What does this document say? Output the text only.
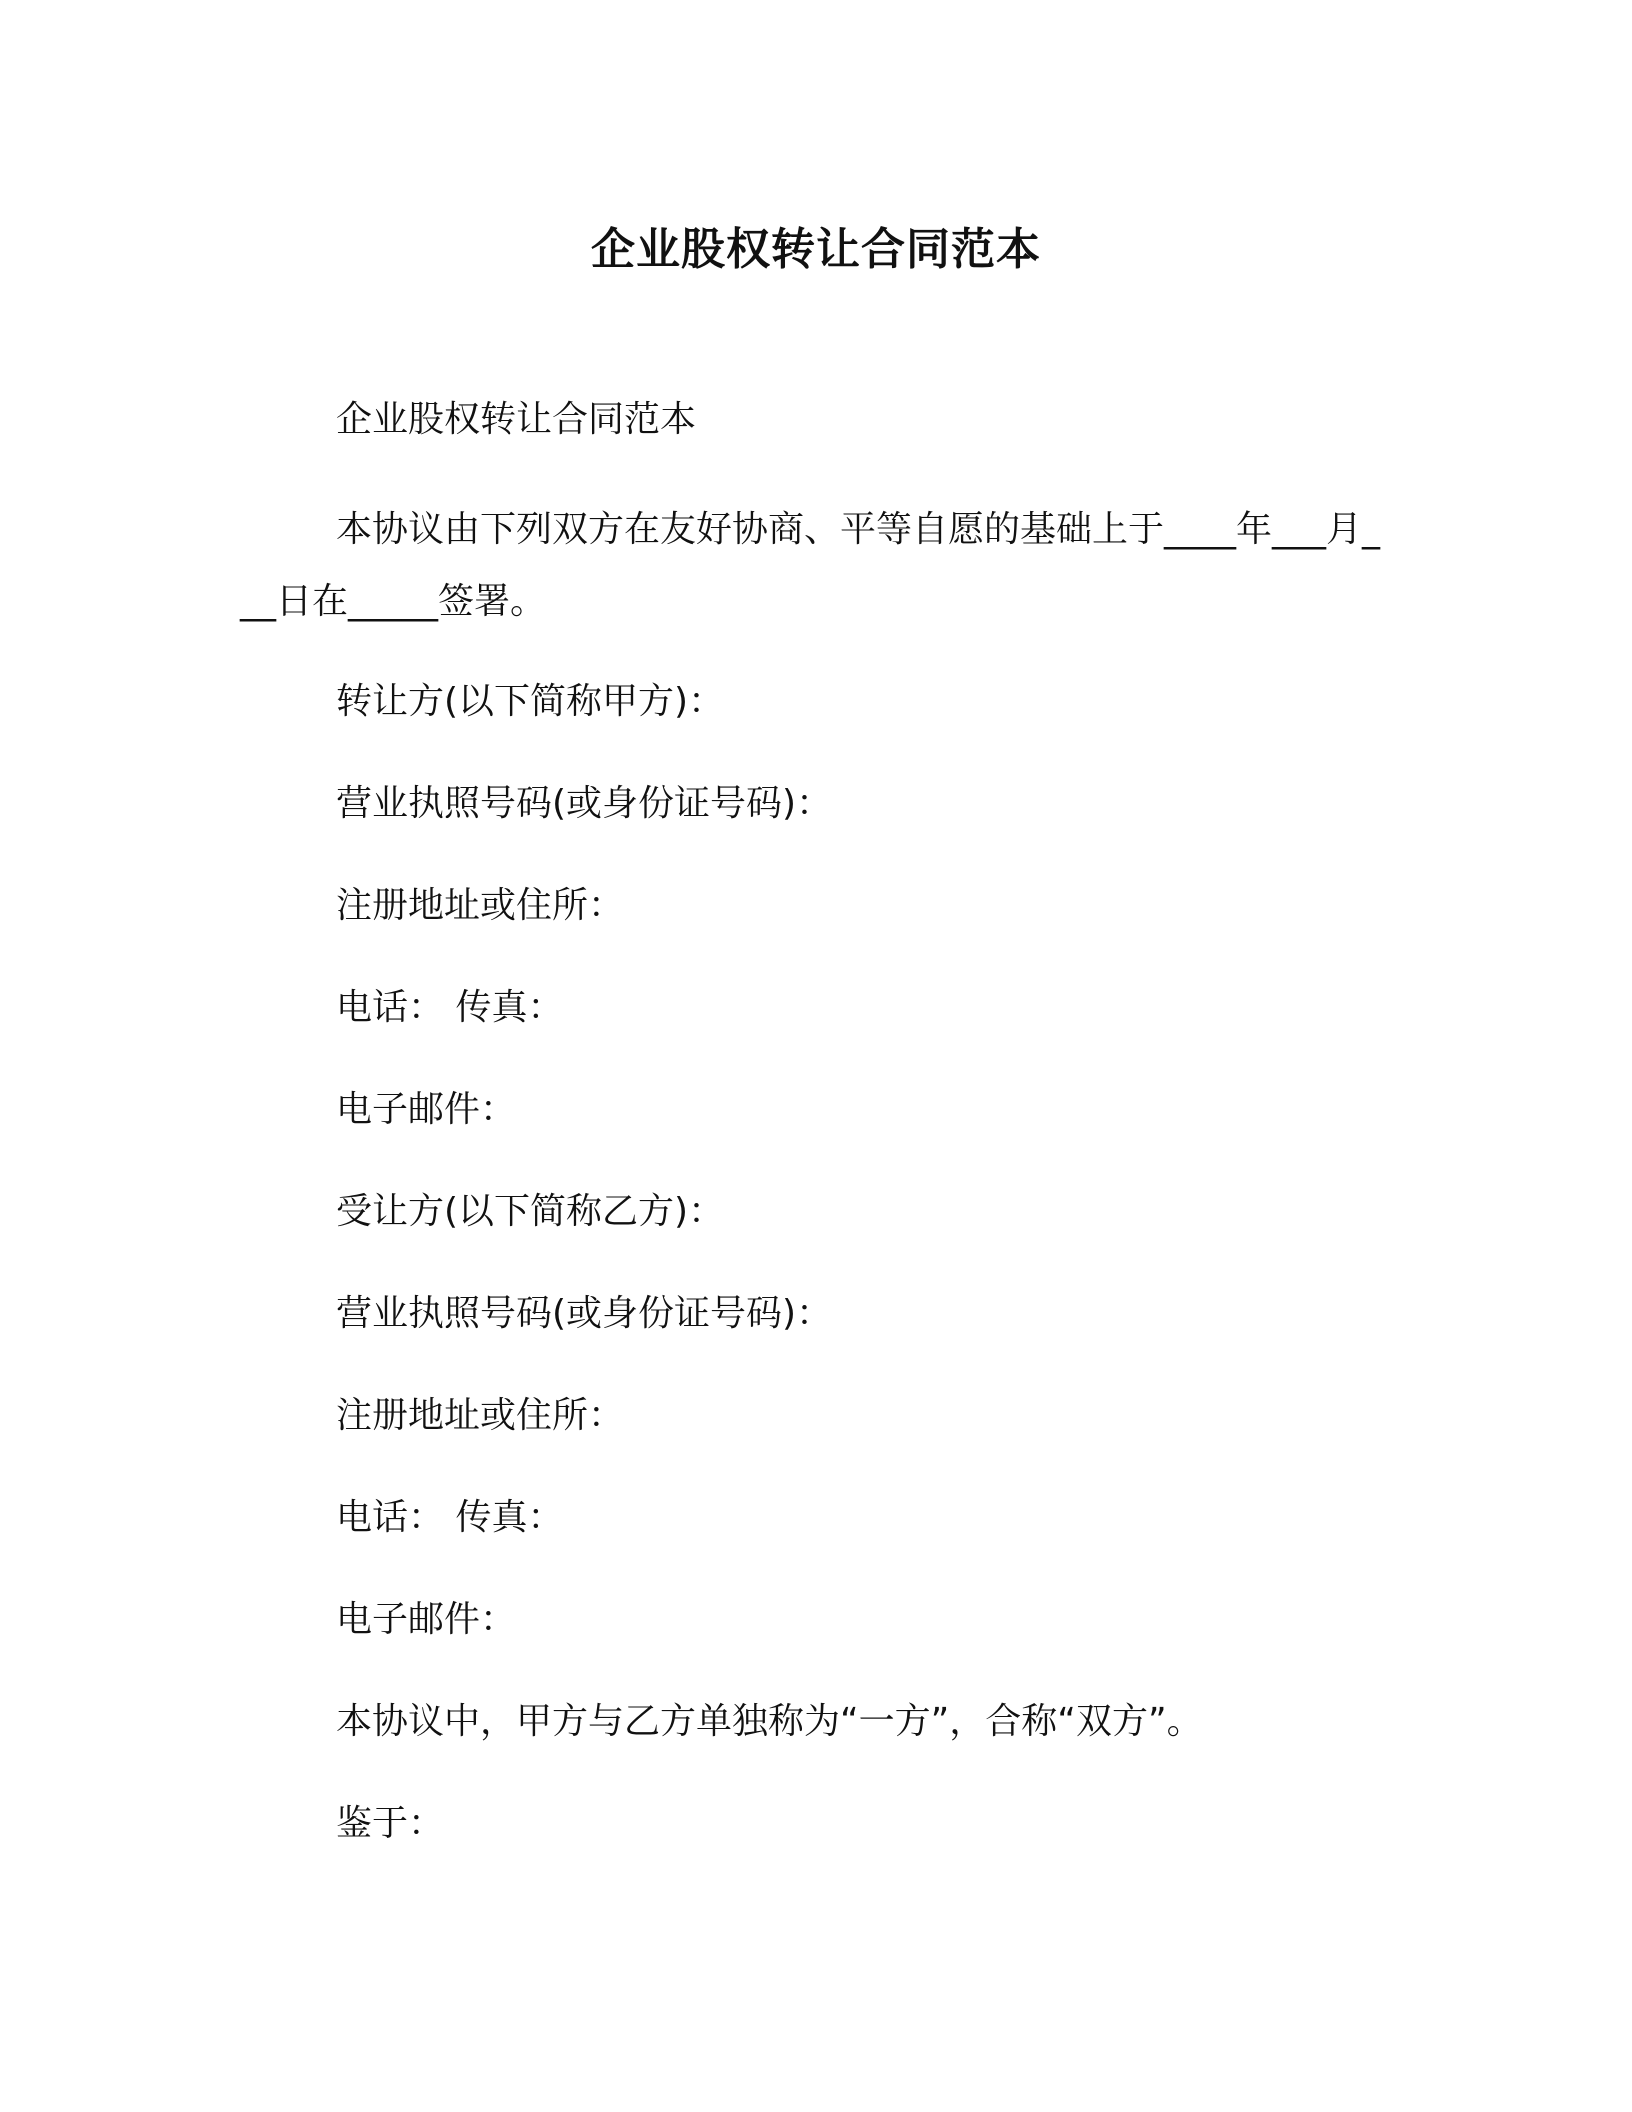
企业股权转让合同范本
企业股权转让合同范本
本协议由下列双方在友好协商、平等自愿的基础上于____年___月___日在_____签署。
转让方(以下简称甲方)：
营业执照号码(或身份证号码)：
注册地址或住所：
电话： 传真：
电子邮件：
受让方(以下简称乙方)：
营业执照号码(或身份证号码)：
注册地址或住所：
电话： 传真：
电子邮件：
本协议中，甲方与乙方单独称为“一方”，合称“双方”。
鉴于：
